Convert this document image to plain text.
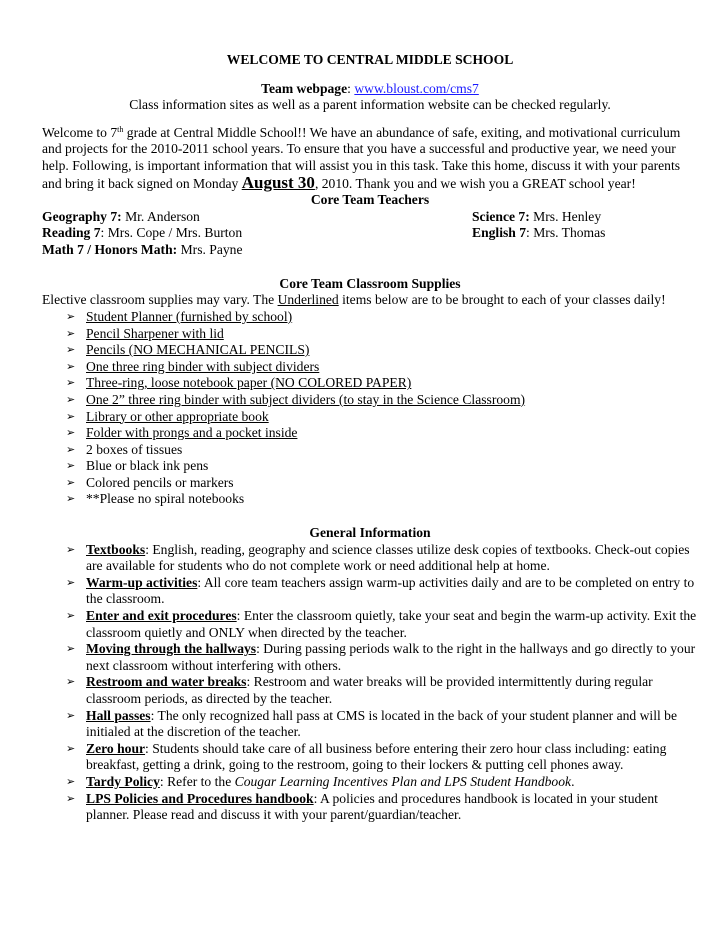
WELCOME TO CENTRAL MIDDLE SCHOOL
Team webpage: www.bloust.com/cms7
Class information sites as well as a parent information website can be checked regularly.
Welcome to 7th grade at Central Middle School!! We have an abundance of safe, exiting, and motivational curriculum and projects for the 2010-2011 school years. To ensure that you have a successful and productive year, we need your help. Following, is important information that will assist you in this task. Take this home, discuss it with your parents and bring it back signed on Monday August 30, 2010. Thank you and we wish you a GREAT school year!
Core Team Teachers
Geography 7: Mr. Anderson	Science 7: Mrs. Henley
Reading 7: Mrs. Cope / Mrs. Burton	English 7: Mrs. Thomas
Math 7 / Honors Math: Mrs. Payne
Core Team Classroom Supplies
Elective classroom supplies may vary. The Underlined items below are to be brought to each of your classes daily!
➢ Student Planner (furnished by school)
➢ Pencil Sharpener with lid
➢ Pencils (NO MECHANICAL PENCILS)
➢ One three ring binder with subject dividers
➢ Three-ring, loose notebook paper (NO COLORED PAPER)
➢ One 2” three ring binder with subject dividers (to stay in the Science Classroom)
➢ Library or other appropriate book
➢ Folder with prongs and a pocket inside
➢ 2 boxes of tissues
➢ Blue or black ink pens
➢ Colored pencils or markers
➢ **Please no spiral notebooks
General Information
➢ Textbooks: English, reading, geography and science classes utilize desk copies of textbooks. Check-out copies are available for students who do not complete work or need additional help at home.
➢ Warm-up activities: All core team teachers assign warm-up activities daily and are to be completed on entry to the classroom.
➢ Enter and exit procedures: Enter the classroom quietly, take your seat and begin the warm-up activity. Exit the classroom quietly and ONLY when directed by the teacher.
➢ Moving through the hallways: During passing periods walk to the right in the hallways and go directly to your next classroom without interfering with others.
➢ Restroom and water breaks: Restroom and water breaks will be provided intermittently during regular classroom periods, as directed by the teacher.
➢ Hall passes: The only recognized hall pass at CMS is located in the back of your student planner and will be initialed at the discretion of the teacher.
➢ Zero hour: Students should take care of all business before entering their zero hour class including: eating breakfast, getting a drink, going to the restroom, going to their lockers & putting cell phones away.
➢ Tardy Policy: Refer to the Cougar Learning Incentives Plan and LPS Student Handbook.
➢ LPS Policies and Procedures handbook: A policies and procedures handbook is located in your student planner. Please read and discuss it with your parent/guardian/teacher.
